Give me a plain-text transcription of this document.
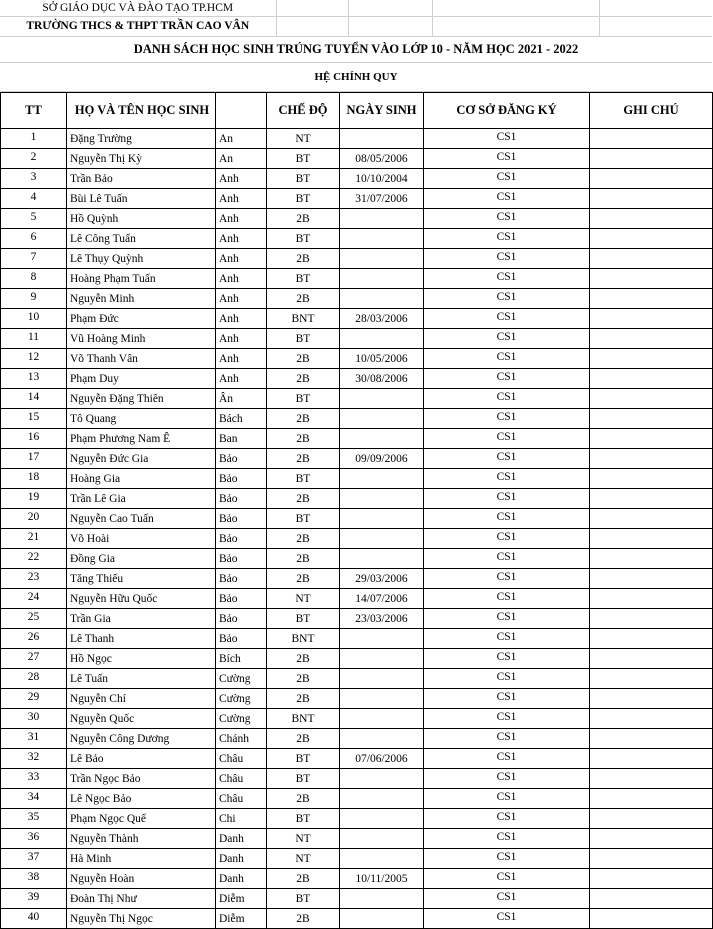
SỞ GIÁO DỤC VÀ ĐÀO TẠO TP.HCM				
TRƯỜNG THCS & THPT TRẦN CAO VÂN				
DANH SÁCH HỌC SINH TRÚNG TUYỂN VÀO LỚP 10 - NĂM HỌC 2021 - 2022				
HỆ CHÍNH QUY				
TT	HỌ VÀ TÊN HỌC SINH		CHẾ ĐỘ	NGÀY SINH	CƠ SỞ ĐĂNG KÝ	GHI CHÚ
1	Đặng Trường	An	NT		CS1	
2	Nguyễn Thị Kỳ	An	BT	08/05/2006	CS1	
3	Trần Bảo	Anh	BT	10/10/2004	CS1	
4	Bùi Lê Tuấn	Anh	BT	31/07/2006	CS1	
5	Hồ Quỳnh	Anh	2B		CS1	
6	Lê Công Tuấn	Anh	BT		CS1	
7	Lê Thụy Quỳnh	Anh	2B		CS1	
8	Hoàng Phạm Tuấn	Anh	BT		CS1	
9	Nguyễn Minh	Anh	2B		CS1	
10	Phạm Đức	Anh	BNT	28/03/2006	CS1	
11	Vũ Hoàng Minh	Anh	BT		CS1	
12	Võ Thanh Vân	Anh	2B	10/05/2006	CS1	
13	Phạm Duy	Anh	2B	30/08/2006	CS1	
14	Nguyễn Đặng Thiên	Ân	BT		CS1	
15	Tô Quang	Bách	2B		CS1	
16	Phạm Phương Nam Ê	Ban	2B		CS1	
17	Nguyễn Đức Gia	Bảo	2B	09/09/2006	CS1	
18	Hoàng Gia	Bảo	BT		CS1	
19	Trần Lê Gia	Bảo	2B		CS1	
20	Nguyễn Cao Tuấn	Bảo	BT		CS1	
21	Võ Hoài	Bảo	2B		CS1	
22	Đồng Gia	Bảo	2B		CS1	
23	Tăng Thiếu	Bảo	2B	29/03/2006	CS1	
24	Nguyễn Hữu Quốc	Bảo	NT	14/07/2006	CS1	
25	Trần Gia	Bảo	BT	23/03/2006	CS1	
26	Lê Thanh	Bảo	BNT		CS1	
27	Hồ Ngọc	Bích	2B		CS1	
28	Lê Tuấn	Cường	2B		CS1	
29	Nguyễn Chí	Cường	2B		CS1	
30	Nguyễn Quốc	Cường	BNT		CS1	
31	Nguyễn Công Dương	Chánh	2B		CS1	
32	Lê Bảo	Châu	BT	07/06/2006	CS1	
33	Trần Ngọc Bảo	Châu	BT		CS1	
34	Lê Ngọc Bảo	Châu	2B		CS1	
35	Phạm Ngọc Quế	Chi	BT		CS1	
36	Nguyễn Thành	Danh	NT		CS1	
37	Hà Minh	Danh	NT		CS1	
38	Nguyễn Hoàn	Danh	2B	10/11/2005	CS1	
39	Đoàn Thị Như	Diễm	BT		CS1	
40	Nguyễn Thị Ngọc	Diễm	2B		CS1	
